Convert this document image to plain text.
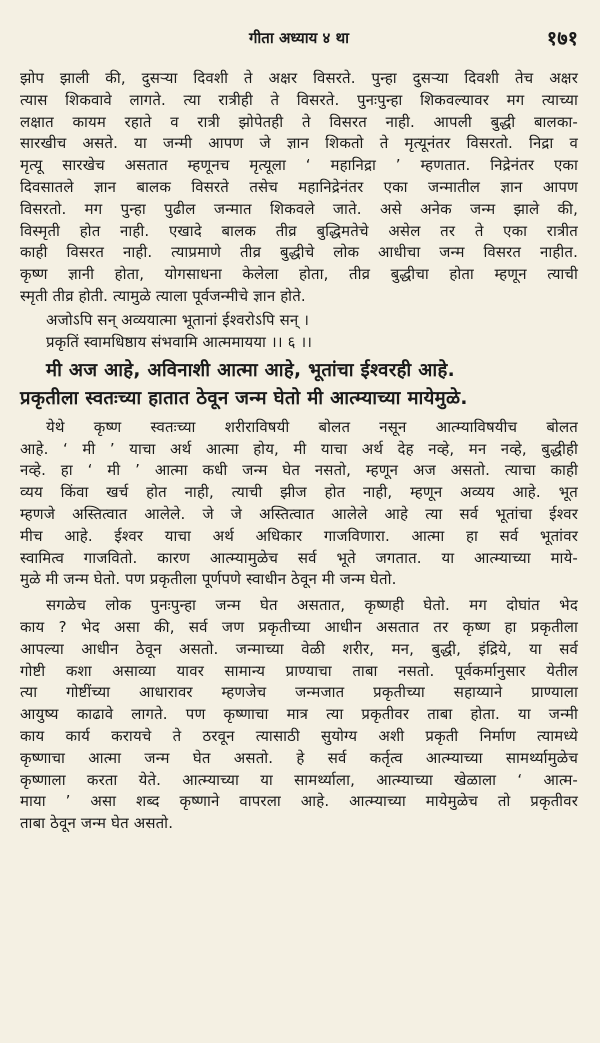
गीता अध्याय ४ था	१७१
झोप झाली की, दुसऱ्या दिवशी ते अक्षर विसरते. पुन्हा दुसऱ्या दिवशी तेच अक्षर
त्यास शिकवावे लागते. त्या रात्रीही ते विसरते. पुनःपुन्हा शिकवल्यावर मग त्याच्या
लक्षात कायम रहाते व रात्री झोपेतही ते विसरत नाही. आपली बुद्धी बालका-
सारखीच असते. या जन्मी आपण जे ज्ञान शिकतो ते मृत्यूनंतर विसरतो. निद्रा व
मृत्यू सारखेच असतात म्हणूनच मृत्यूला ‘ महानिद्रा ’ म्हणतात. निद्रेनंतर एका
दिवसातले ज्ञान बालक विसरते तसेच महानिद्रेनंतर एका जन्मातील ज्ञान आपण
विसरतो. मग पुन्हा पुढील जन्मात शिकवले जाते. असे अनेक जन्म झाले की,
विस्मृती होत नाही. एखादे बालक तीव्र बुद्धिमतेचे असेल तर ते एका रात्रीत
काही विसरत नाही. त्याप्रमाणे तीव्र बुद्धीचे लोक आधीचा जन्म विसरत नाहीत.
कृष्ण ज्ञानी होता, योगसाधना केलेला होता, तीव्र बुद्धीचा होता म्हणून त्याची
स्मृती तीव्र होती. त्यामुळे त्याला पूर्वजन्मीचे ज्ञान होते.
अजोऽपि सन् अव्ययात्मा भूतानां ईश्वरोऽपि सन् ।
प्रकृतिं स्वामधिष्ठाय संभवामि आत्ममायया ।। ६ ।।
मी अज आहे, अविनाशी आत्मा आहे, भूतांचा ईश्वरही आहे.
प्रकृतीला स्वतःच्या हातात ठेवून जन्म घेतो मी आत्म्याच्या मायेमुळे.
येथे कृष्ण स्वतःच्या शरीराविषयी बोलत नसून आत्म्याविषयीच बोलत
आहे. ‘ मी ’ याचा अर्थ आत्मा होय, मी याचा अर्थ देह नव्हे, मन नव्हे, बुद्धीही
नव्हे. हा ‘ मी ’ आत्मा कधी जन्म घेत नसतो, म्हणून अज असतो. त्याचा काही
व्यय किंवा खर्च होत नाही, त्याची झीज होत नाही, म्हणून अव्यय आहे. भूत
म्हणजे अस्तित्वात आलेले. जे जे अस्तित्वात आलेले आहे त्या सर्व भूतांचा ईश्वर
मीच आहे. ईश्वर याचा अर्थ अधिकार गाजविणारा. आत्मा हा सर्व भूतांवर
स्वामित्व गाजवितो. कारण आत्म्यामुळेच सर्व भूते जगतात. या आत्म्याच्या माये-
मुळे मी जन्म घेतो. पण प्रकृतीला पूर्णपणे स्वाधीन ठेवून मी जन्म घेतो.
सगळेच लोक पुनःपुन्हा जन्म घेत असतात, कृष्णही घेतो. मग दोघांत भेद
काय ? भेद असा की, सर्व जण प्रकृतीच्या आधीन असतात तर कृष्ण हा प्रकृतीला
आपल्या आधीन ठेवून असतो. जन्माच्या वेळी शरीर, मन, बुद्धी, इंद्रिये, या सर्व
गोष्टी कशा असाव्या यावर सामान्य प्राण्याचा ताबा नसतो. पूर्वकर्मानुसार येतील
त्या गोष्टींच्या आधारावर म्हणजेच जन्मजात प्रकृतीच्या सहाय्याने प्राण्याला
आयुष्य काढावे लागते. पण कृष्णाचा मात्र त्या प्रकृतीवर ताबा होता. या जन्मी
काय कार्य करायचे ते ठरवून त्यासाठी सुयोग्य अशी प्रकृती निर्माण त्यामध्ये
कृष्णाचा आत्मा जन्म घेत असतो. हे सर्व कर्तृत्व आत्म्याच्या सामर्थ्यामुळेच
कृष्णाला करता येते. आत्म्याच्या या सामर्थ्याला, आत्म्याच्या खेळाला ‘ आत्म-
माया ’ असा शब्द कृष्णाने वापरला आहे. आत्म्याच्या मायेमुळेच तो प्रकृतीवर
ताबा ठेवून जन्म घेत असतो.
